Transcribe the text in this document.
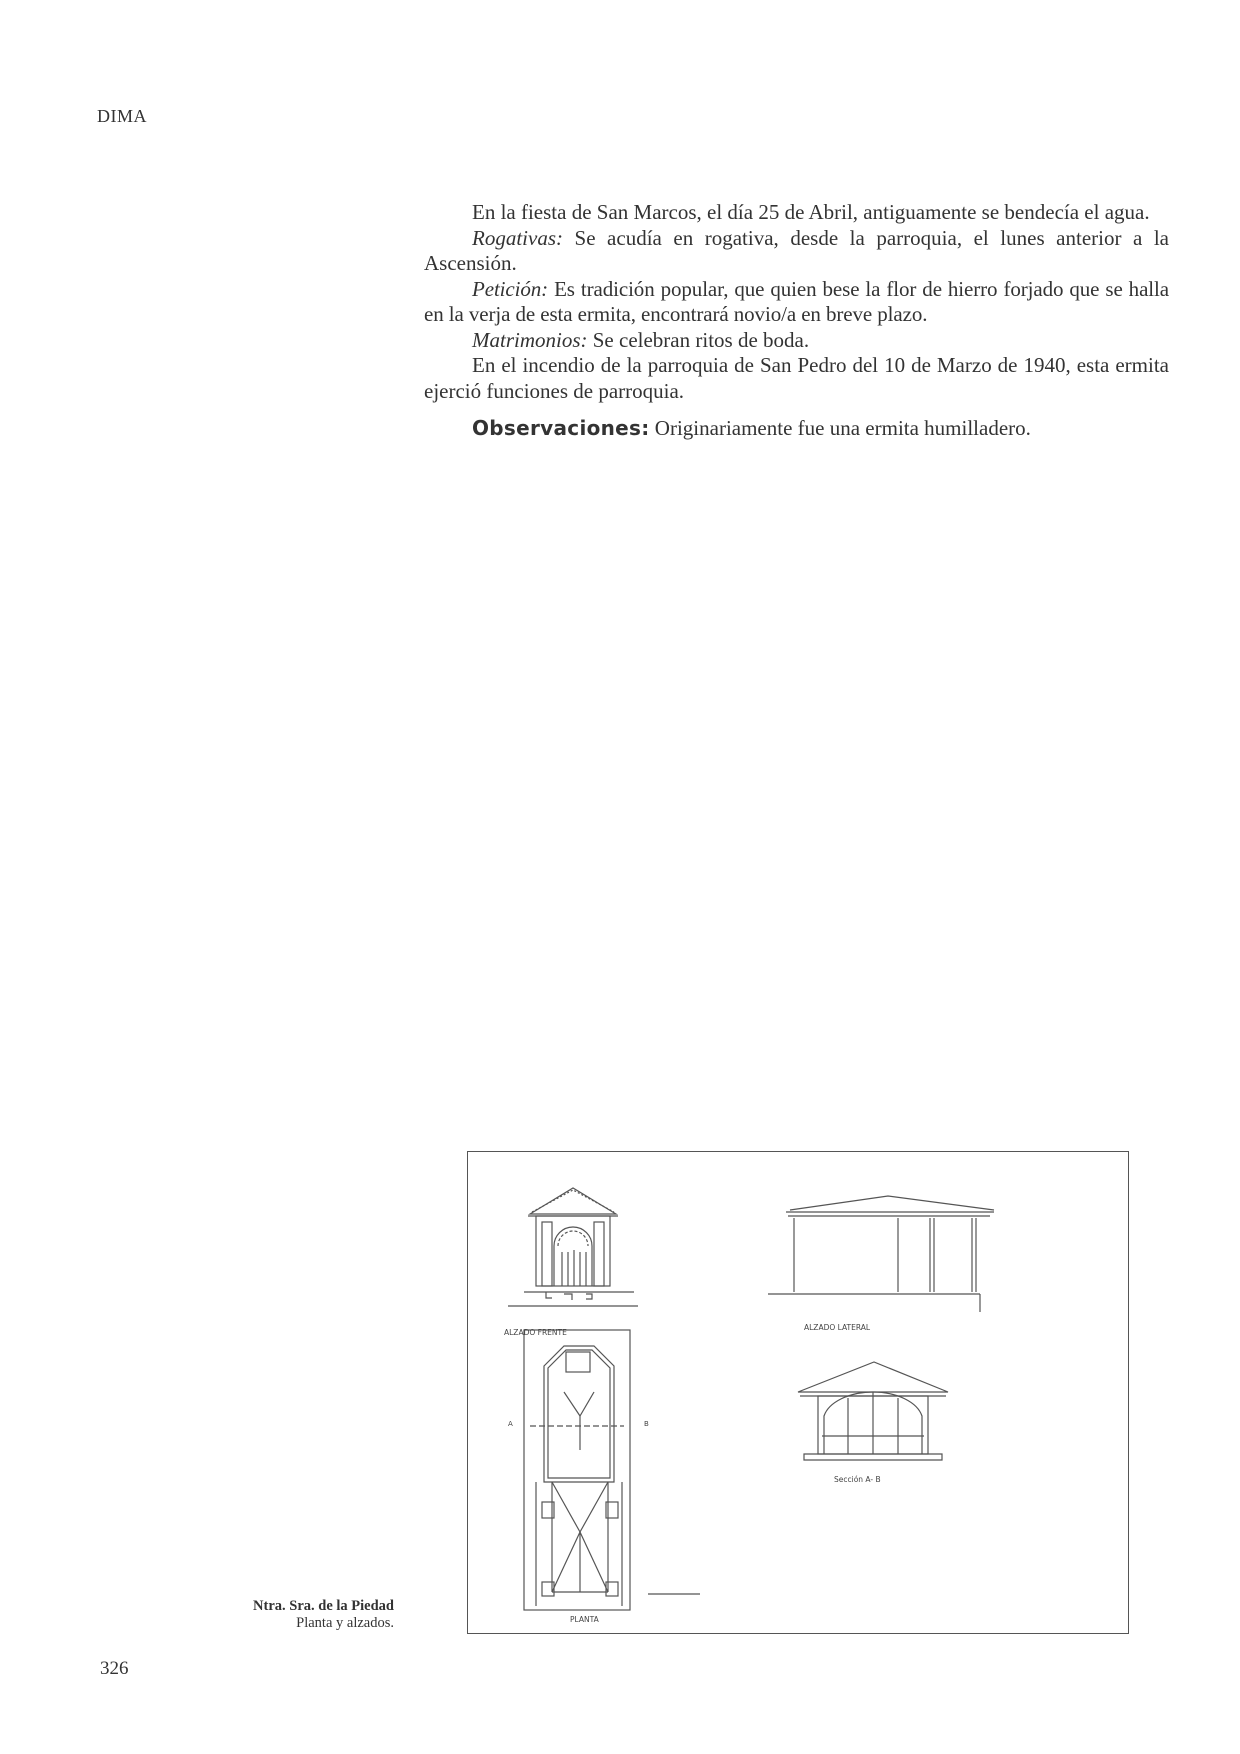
DIMA

En la fiesta de San Marcos, el día 25 de Abril, antiguamente se bendecía el agua.

Rogativas: Se acudía en rogativa, desde la parroquia, el lunes anterior a la Ascensión.

Petición: Es tradición popular, que quien bese la flor de hierro forjado que se halla en la verja de esta ermita, encontrará novio/a en breve plazo.

Matrimonios: Se celebran ritos de boda.

En el incendio de la parroquia de San Pedro del 10 de Marzo de 1940, esta ermita ejerció funciones de parroquia.

Observaciones: Originariamente fue una ermita humilladero.

ALZADO FRENTE
ALZADO LATERAL
PLANTA
Sección A- B
A	B
Ntra. Sra. de la Piedad
Planta y alzados.
326
